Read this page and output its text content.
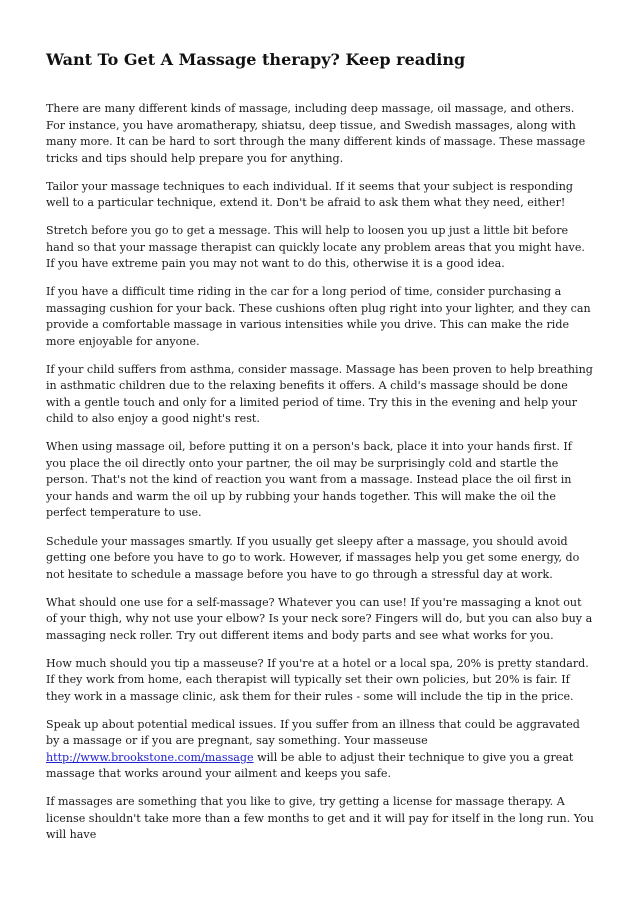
Want To Get A Massage therapy? Keep reading

There are many different kinds of massage, including deep massage, oil massage, and others. For instance, you have aromatherapy, shiatsu, deep tissue, and Swedish massages, along with many more. It can be hard to sort through the many different kinds of massage. These massage tricks and tips should help prepare you for anything.

Tailor your massage techniques to each individual. If it seems that your subject is responding well to a particular technique, extend it. Don't be afraid to ask them what they need, either!

Stretch before you go to get a message. This will help to loosen you up just a little bit before hand so that your massage therapist can quickly locate any problem areas that you might have. If you have extreme pain you may not want to do this, otherwise it is a good idea.

If you have a difficult time riding in the car for a long period of time, consider purchasing a massaging cushion for your back. These cushions often plug right into your lighter, and they can provide a comfortable massage in various intensities while you drive. This can make the ride more enjoyable for anyone.

If your child suffers from asthma, consider massage. Massage has been proven to help breathing in asthmatic children due to the relaxing benefits it offers. A child's massage should be done with a gentle touch and only for a limited period of time. Try this in the evening and help your child to also enjoy a good night's rest.

When using massage oil, before putting it on a person's back, place it into your hands first. If you place the oil directly onto your partner, the oil may be surprisingly cold and startle the person. That's not the kind of reaction you want from a massage. Instead place the oil first in your hands and warm the oil up by rubbing your hands together. This will make the oil the perfect temperature to use.

Schedule your massages smartly. If you usually get sleepy after a massage, you should avoid getting one before you have to go to work. However, if massages help you get some energy, do not hesitate to schedule a massage before you have to go through a stressful day at work.

What should one use for a self-massage? Whatever you can use! If you're massaging a knot out of your thigh, why not use your elbow? Is your neck sore? Fingers will do, but you can also buy a massaging neck roller. Try out different items and body parts and see what works for you.

How much should you tip a masseuse? If you're at a hotel or a local spa, 20% is pretty standard. If they work from home, each therapist will typically set their own policies, but 20% is fair. If they work in a massage clinic, ask them for their rules - some will include the tip in the price.

Speak up about potential medical issues. If you suffer from an illness that could be aggravated by a massage or if you are pregnant, say something. Your masseuse http://www.brookstone.com/massage will be able to adjust their technique to give you a great massage that works around your ailment and keeps you safe.

If massages are something that you like to give, try getting a license for massage therapy. A license shouldn't take more than a few months to get and it will pay for itself in the long run. You will have
